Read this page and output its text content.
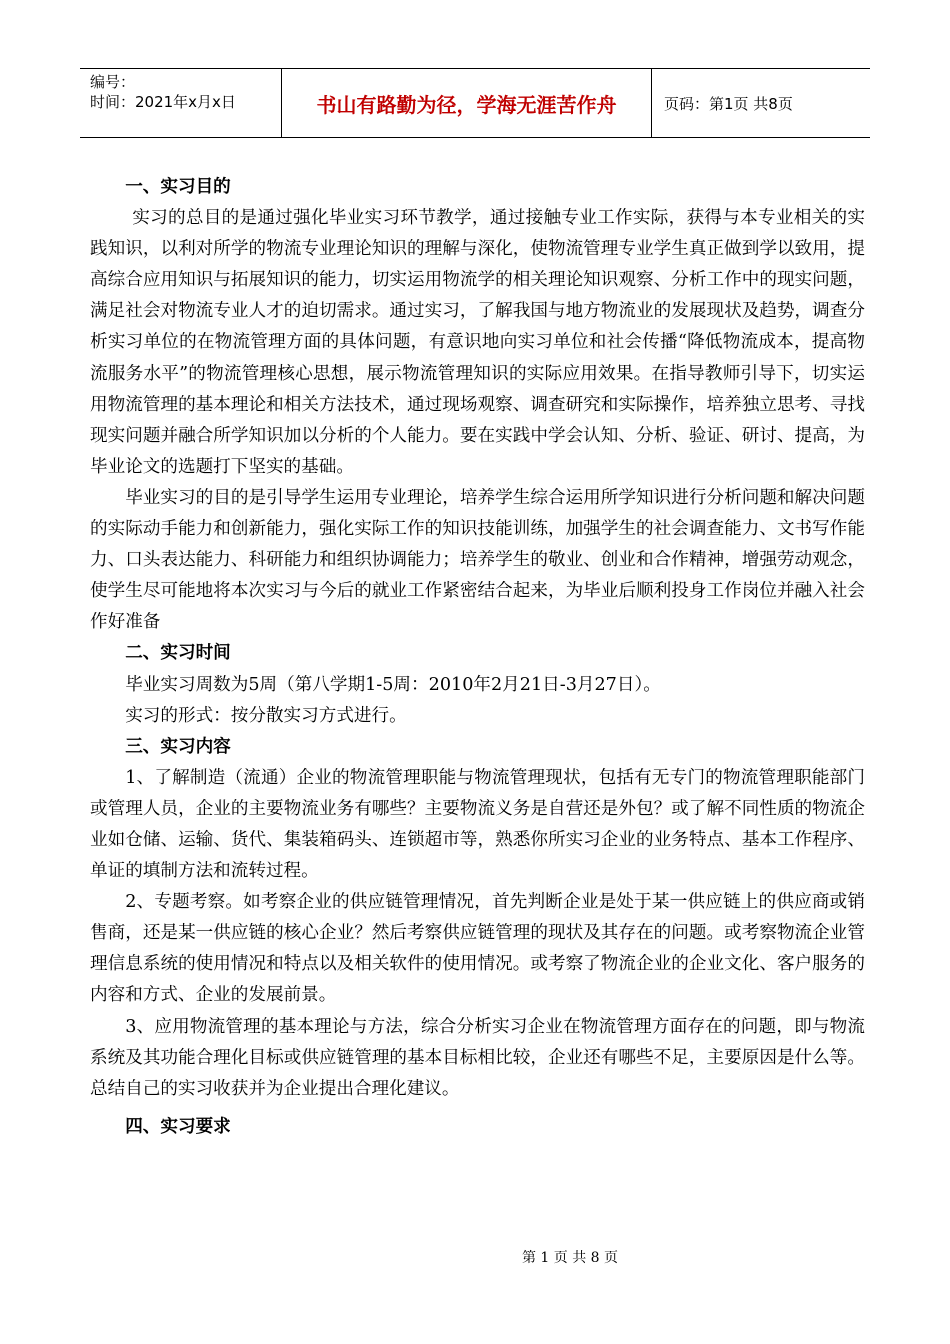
编号：
时间：2021年x月x日	书山有路勤为径，学海无涯苦作舟	页码：第1页 共8页
一、实习目的

实习的总目的是通过强化毕业实习环节教学，通过接触专业工作实际，获得与本专业相关的实践知识，以利对所学的物流专业理论知识的理解与深化，使物流管理专业学生真正做到学以致用，提高综合应用知识与拓展知识的能力，切实运用物流学的相关理论知识观察、分析工作中的现实问题，满足社会对物流专业人才的迫切需求。通过实习，了解我国与地方物流业的发展现状及趋势，调查分析实习单位的在物流管理方面的具体问题，有意识地向实习单位和社会传播“降低物流成本，提高物流服务水平”的物流管理核心思想，展示物流管理知识的实际应用效果。在指导教师引导下，切实运用物流管理的基本理论和相关方法技术，通过现场观察、调查研究和实际操作，培养独立思考、寻找现实问题并融合所学知识加以分析的个人能力。要在实践中学会认知、分析、验证、研讨、提高，为毕业论文的选题打下坚实的基础。

毕业实习的目的是引导学生运用专业理论，培养学生综合运用所学知识进行分析问题和解决问题的实际动手能力和创新能力，强化实际工作的知识技能训练，加强学生的社会调查能力、文书写作能力、口头表达能力、科研能力和组织协调能力；培养学生的敬业、创业和合作精神，增强劳动观念，使学生尽可能地将本次实习与今后的就业工作紧密结合起来，为毕业后顺利投身工作岗位并融入社会作好准备

二、实习时间

毕业实习周数为5周（第八学期1-5周：2010年2月21日-3月27日）。

实习的形式：按分散实习方式进行。

三、实习内容

1、了解制造（流通）企业的物流管理职能与物流管理现状，包括有无专门的物流管理职能部门或管理人员，企业的主要物流业务有哪些？主要物流义务是自营还是外包？或了解不同性质的物流企业如仓储、运输、货代、集装箱码头、连锁超市等，熟悉你所实习企业的业务特点、基本工作程序、单证的填制方法和流转过程。

2、专题考察。如考察企业的供应链管理情况，首先判断企业是处于某一供应链上的供应商或销售商，还是某一供应链的核心企业？然后考察供应链管理的现状及其存在的问题。或考察物流企业管理信息系统的使用情况和特点以及相关软件的使用情况。或考察了物流企业的企业文化、客户服务的内容和方式、企业的发展前景。

3、应用物流管理的基本理论与方法，综合分析实习企业在物流管理方面存在的问题，即与物流系统及其功能合理化目标或供应链管理的基本目标相比较，企业还有哪些不足，主要原因是什么等。总结自己的实习收获并为企业提出合理化建议。

四、实习要求
第 1 页 共 8 页
